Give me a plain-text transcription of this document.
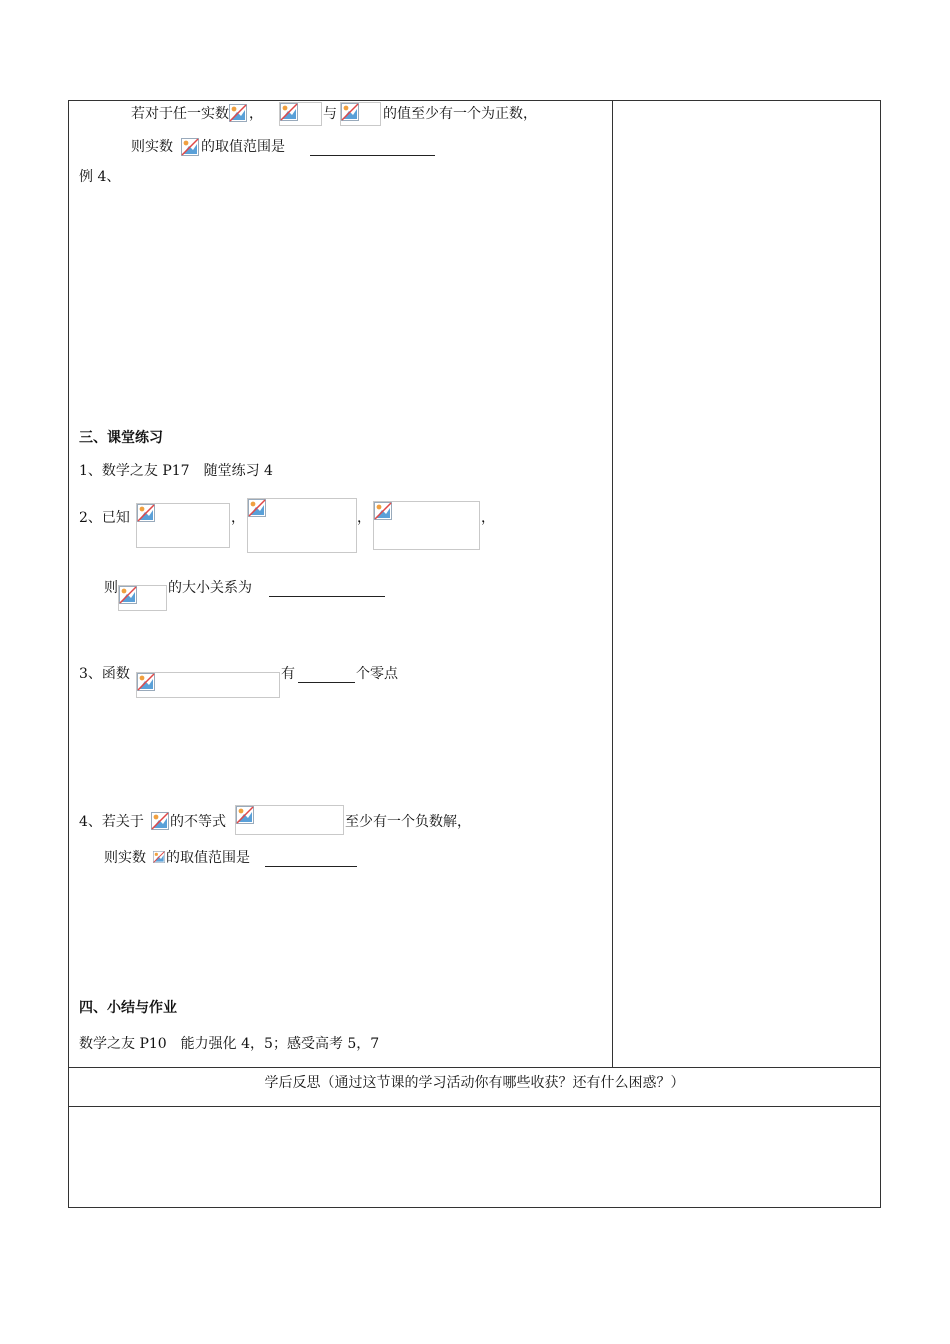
若对于任一实数 ，	与	的值至少有一个为正数，
则实数 的取值范围是
例 4、
三、课堂练习
1、数学之友 P17　随堂练习 4
2、已知	，	，	，
则	的大小关系为
3、函数	有	个零点
4、若关于 的不等式	至少有一个负数解，
则实数 的取值范围是
四、小结与作业
数学之友 P10　能力强化 4，5；感受高考 5，7
学后反思（通过这节课的学习活动你有哪些收获？还有什么困惑？）
